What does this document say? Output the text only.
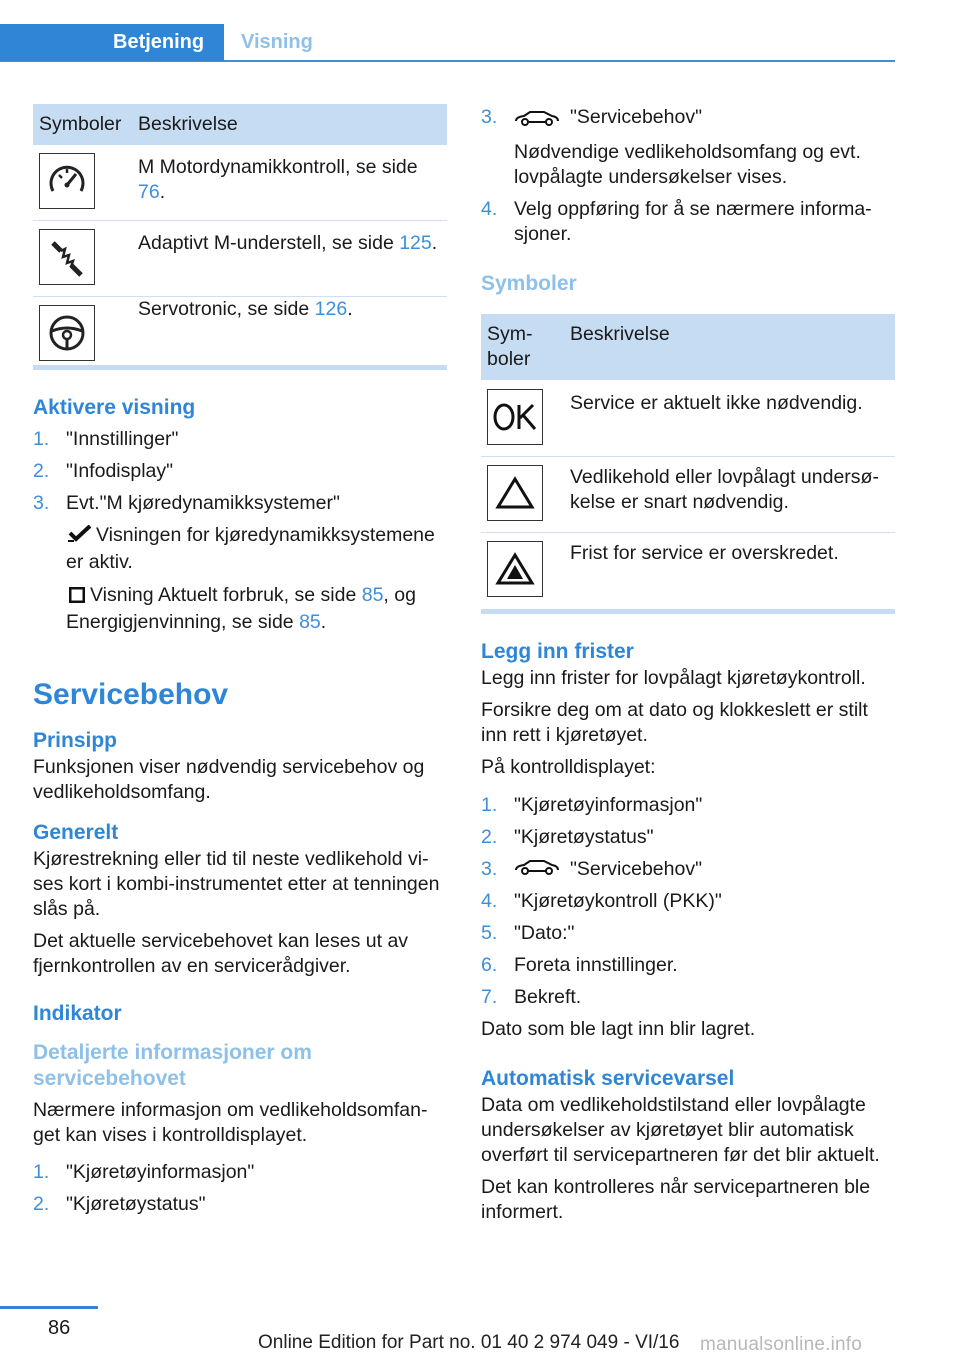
Betjening	Visning
Symboler Beskrivelse
M Motordynamikkontroll, se side 76.
Adaptivt M-understell, se side 125.
Servotronic, se side 126.
Aktivere visning
1. "Innstillinger"
2. "Infodisplay"
3. Evt."M kjøredynamikksystemer"

Visningen for kjøredynamikksystemene er aktiv.

Visning Aktuelt forbruk, se side 85, og Energigjenvinning, se side 85.

Servicebehov
Prinsipp

Funksjonen viser nødvendig servicebehov og vedlikeholdsomfang.

Generelt

Kjørestrekning eller tid til neste vedlikehold vises kort i kombi-instrumentet etter at tenningen slås på.

Det aktuelle servicebehovet kan leses ut av fjernkontrollen av en servicerådgiver.

Indikator
Detaljerte informasjoner om servicebehovet

Nærmere informasjon om vedlikeholdsomfanget kan vises i kontrolldisplayet.

1. "Kjøretøyinformasjon"
2. "Kjøretøystatus"
3.	"Servicebehov"

Nødvendige vedlikeholdsomfang og evt. lovpålagte undersøkelser vises.

4. Velg oppføring for å se nærmere informasjoner.
Symboler
Symboler
Beskrivelse
Service er aktuelt ikke nødvendig.
Vedlikehold eller lovpålagt undersøkelse er snart nødvendig.
Frist for service er overskredet.
Legg inn frister

Legg inn frister for lovpålagt kjøretøykontroll.

Forsikre deg om at dato og klokkeslett er stilt inn rett i kjøretøyet.

På kontrolldisplayet:

1. "Kjøretøyinformasjon"
2. "Kjøretøystatus"
3.	"Servicebehov"
4. "Kjøretøykontroll (PKK)"
5. "Dato:"
6. Foreta innstillinger.
7. Bekreft.

Dato som ble lagt inn blir lagret.

Automatisk servicevarsel

Data om vedlikeholdstilstand eller lovpålagte undersøkelser av kjøretøyet blir automatisk overført til servicepartneren før det blir aktuelt.

Det kan kontrolleres når servicepartneren ble informert.

86
Online Edition for Part no. 01 40 2 974 049 - VI/16 manualsonline.info
